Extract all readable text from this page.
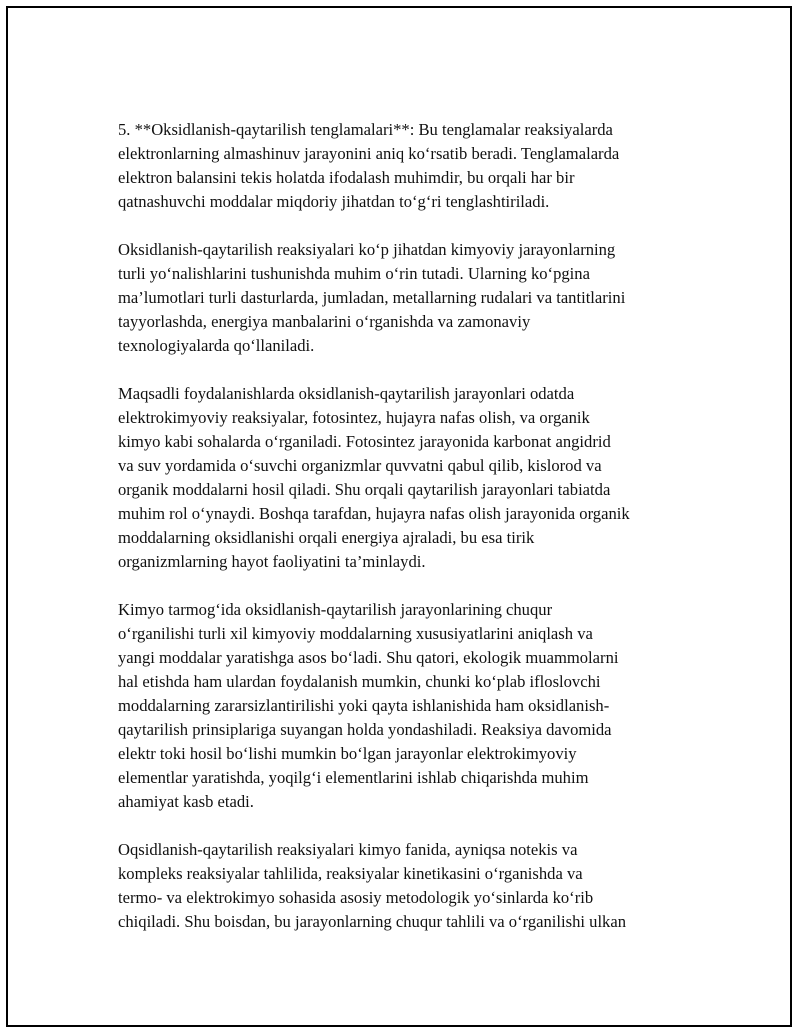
5. **Oksidlanish-qaytarilish tenglamalari**: Bu tenglamalar reaksiyalarda
elektronlarning almashinuv jarayonini aniq ko‘rsatib beradi. Tenglamalarda
elektron balansini tekis holatda ifodalash muhimdir, bu orqali har bir
qatnashuvchi moddalar miqdoriy jihatdan to‘g‘ri tenglashtiriladi.

Oksidlanish-qaytarilish reaksiyalari ko‘p jihatdan kimyoviy jarayonlarning
turli yo‘nalishlarini tushunishda muhim o‘rin tutadi. Ularning ko‘pgina
ma’lumotlari turli dasturlarda, jumladan, metallarning rudalari va tantitlarini
tayyorlashda, energiya manbalarini o‘rganishda va zamonaviy
texnologiyalarda qo‘llaniladi.

Maqsadli foydalanishlarda oksidlanish-qaytarilish jarayonlari odatda
elektrokimyoviy reaksiyalar, fotosintez, hujayra nafas olish, va organik
kimyo kabi sohalarda o‘rganiladi. Fotosintez jarayonida karbonat angidrid
va suv yordamida o‘suvchi organizmlar quvvatni qabul qilib, kislorod va
organik moddalarni hosil qiladi. Shu orqali qaytarilish jarayonlari tabiatda
muhim rol o‘ynaydi. Boshqa tarafdan, hujayra nafas olish jarayonida organik
moddalarning oksidlanishi orqali energiya ajraladi, bu esa tirik
organizmlarning hayot faoliyatini ta’minlaydi.

Kimyo tarmog‘ida oksidlanish-qaytarilish jarayonlarining chuqur
o‘rganilishi turli xil kimyoviy moddalarning xususiyatlarini aniqlash va
yangi moddalar yaratishga asos bo‘ladi. Shu qatori, ekologik muammolarni
hal etishda ham ulardan foydalanish mumkin, chunki ko‘plab ifloslovchi
moddalarning zararsizlantirilishi yoki qayta ishlanishida ham oksidlanish-
qaytarilish prinsiplariga suyangan holda yondashiladi. Reaksiya davomida
elektr toki hosil bo‘lishi mumkin bo‘lgan jarayonlar elektrokimyoviy
elementlar yaratishda, yoqilg‘i elementlarini ishlab chiqarishda muhim
ahamiyat kasb etadi.

Oqsidlanish-qaytarilish reaksiyalari kimyo fanida, ayniqsa notekis va
kompleks reaksiyalar tahlilida, reaksiyalar kinetikasini o‘rganishda va
termo- va elektrokimyo sohasida asosiy metodologik yo‘sinlarda ko‘rib
chiqiladi. Shu boisdan, bu jarayonlarning chuqur tahlili va o‘rganilishi ulkan
